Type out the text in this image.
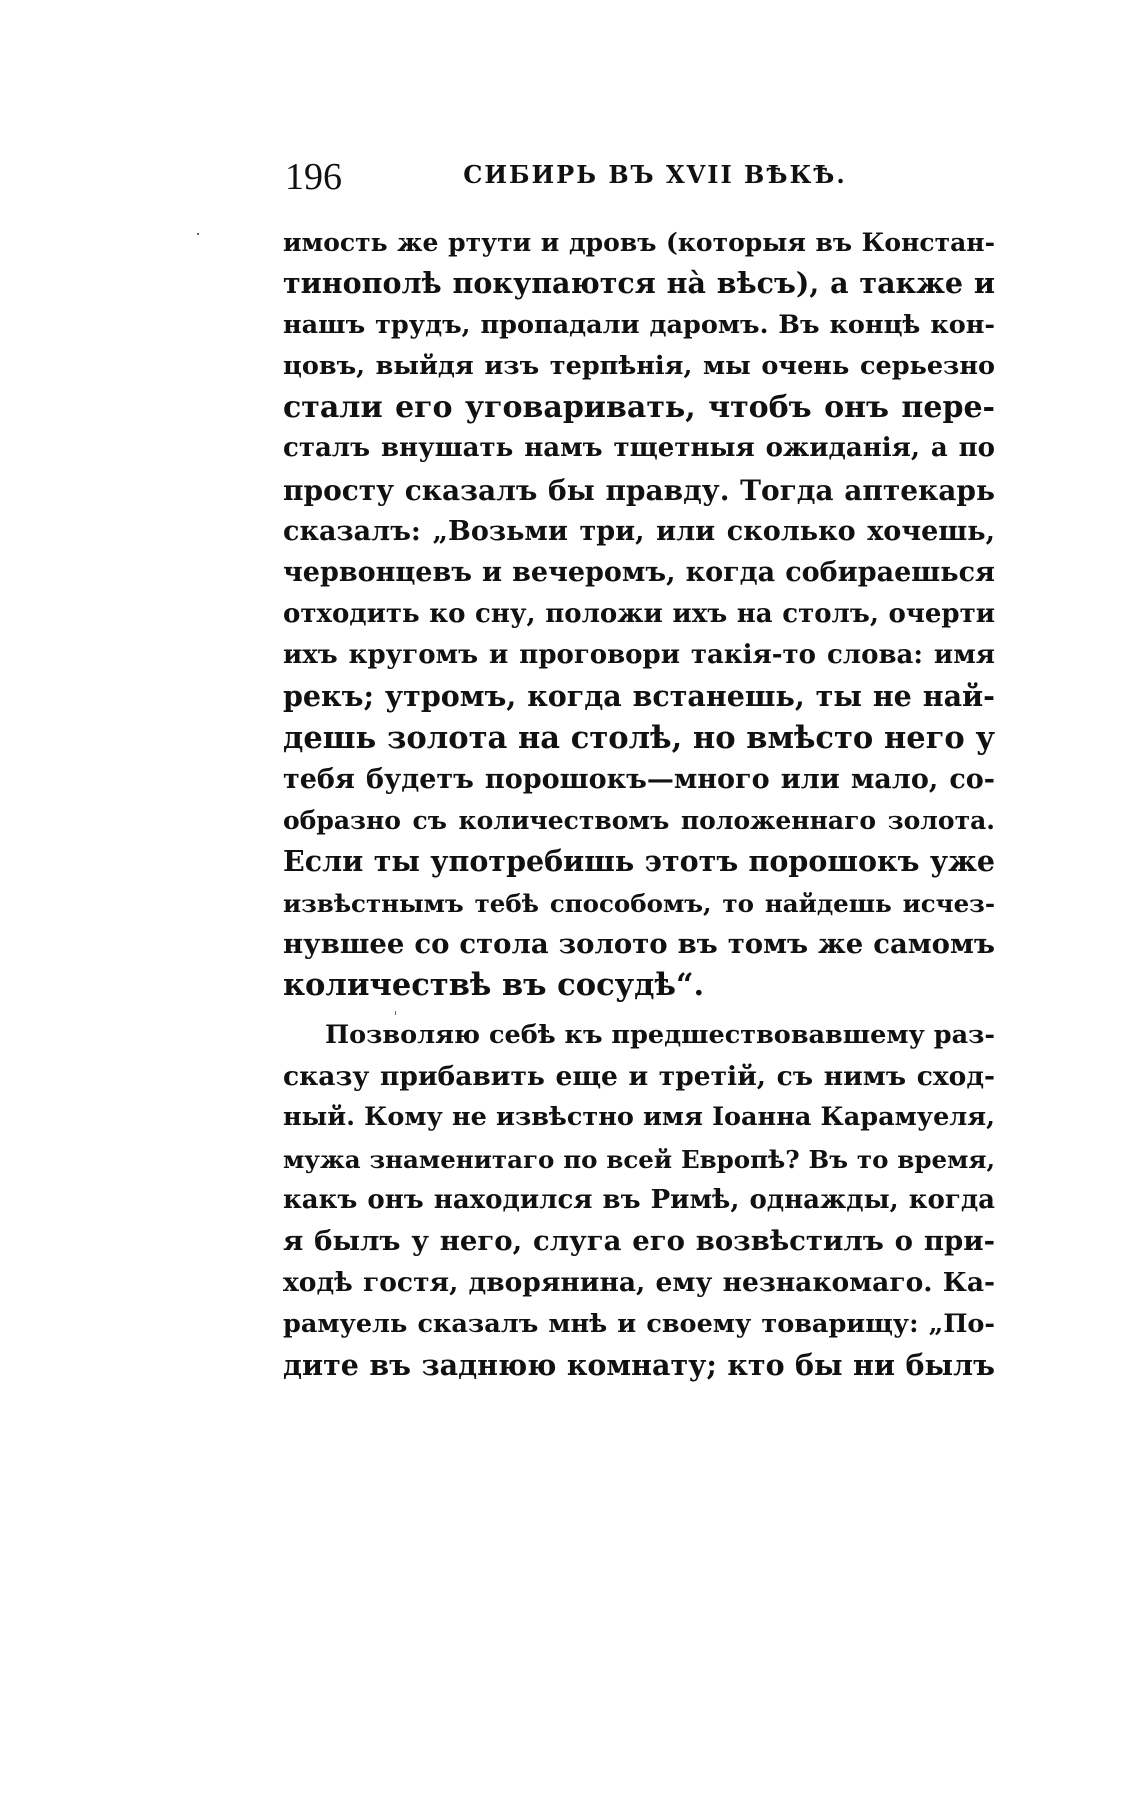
196	СИБИРЬ ВЪ XVII ВѢКѢ.
имость же ртути и дровъ (которыя въ Констан-
тинополѣ покупаются на̀ вѣсъ), а также и
нашъ трудъ, пропадали даромъ. Въ концѣ кон-
цовъ, выйдя изъ терпѣнія, мы очень серьезно
стали его уговаривать, чтобъ онъ пере-
сталъ внушать намъ тщетныя ожиданія, а по
просту сказалъ бы правду. Тогда аптекарь
сказалъ: „Возьми три, или сколько хочешь,
червонцевъ и вечеромъ, когда собираешься
отходить ко сну, положи ихъ на столъ, очерти
ихъ кругомъ и проговори такія-то слова: имя
рекъ; утромъ, когда встанешь, ты не най-
дешь золота на столѣ, но вмѣсто него у
тебя будетъ порошокъ—много или мало, со-
образно съ количествомъ положеннаго золота.
Если ты употребишь этотъ порошокъ уже
извѣстнымъ тебѣ способомъ, то найдешь исчез-
нувшее со стола золото въ томъ же самомъ
количествѣ въ сосудѣ“.
Позволяю себѣ къ предшествовавшему раз-
сказу прибавить еще и третій, съ нимъ сход-
ный. Кому не извѣстно имя Іоанна Карамуеля,
мужа знаменитаго по всей Европѣ? Въ то время,
какъ онъ находился въ Римѣ, однажды, когда
я былъ у него, слуга его возвѣстилъ о при-
ходѣ гостя, дворянина, ему незнакомаго. Ка-
рамуель сказалъ мнѣ и своему товарищу: „По-
дите въ заднюю комнату; кто бы ни былъ
